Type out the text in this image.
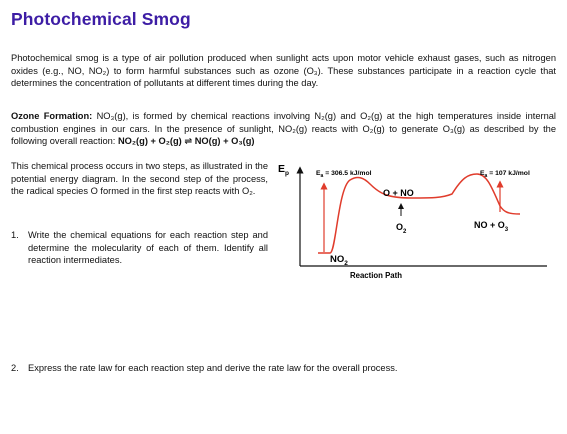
Photochemical Smog

Photochemical smog is a type of air pollution produced when sunlight acts upon motor vehicle exhaust gases, such as nitrogen oxides (e.g., NO, NO₂) to form harmful substances such as ozone (O₃). These substances participate in a reaction cycle that determines the concentration of pollutants at different times during the day.

Ozone Formation: NO₃(g), is formed by chemical reactions involving N₂(g) and O₂(g) at the high temperatures inside internal combustion engines in our cars. In the presence of sunlight, NO₂(g) reacts with O₂(g) to generate O₃(g) as described by the following overall reaction: NO₂(g) + O₂(g) ⇌ NO(g) + O₃(g)

This chemical process occurs in two steps, as illustrated in the potential energy diagram. In the second step of the process, the radical species O formed in the first step reacts with O₂.

1. Write the chemical equations for each reaction step and determine the molecularity of each of them. Identify all reaction intermediates.
2. Express the rate law for each reaction step and derive the rate law for the overall process.
$E_p$	$E_a = 306.5$ kJ/mol	$E_a = 107$ kJ/mol
O + NO
$O_2$
NO + $O_3$
$NO_2$
Reaction Path
